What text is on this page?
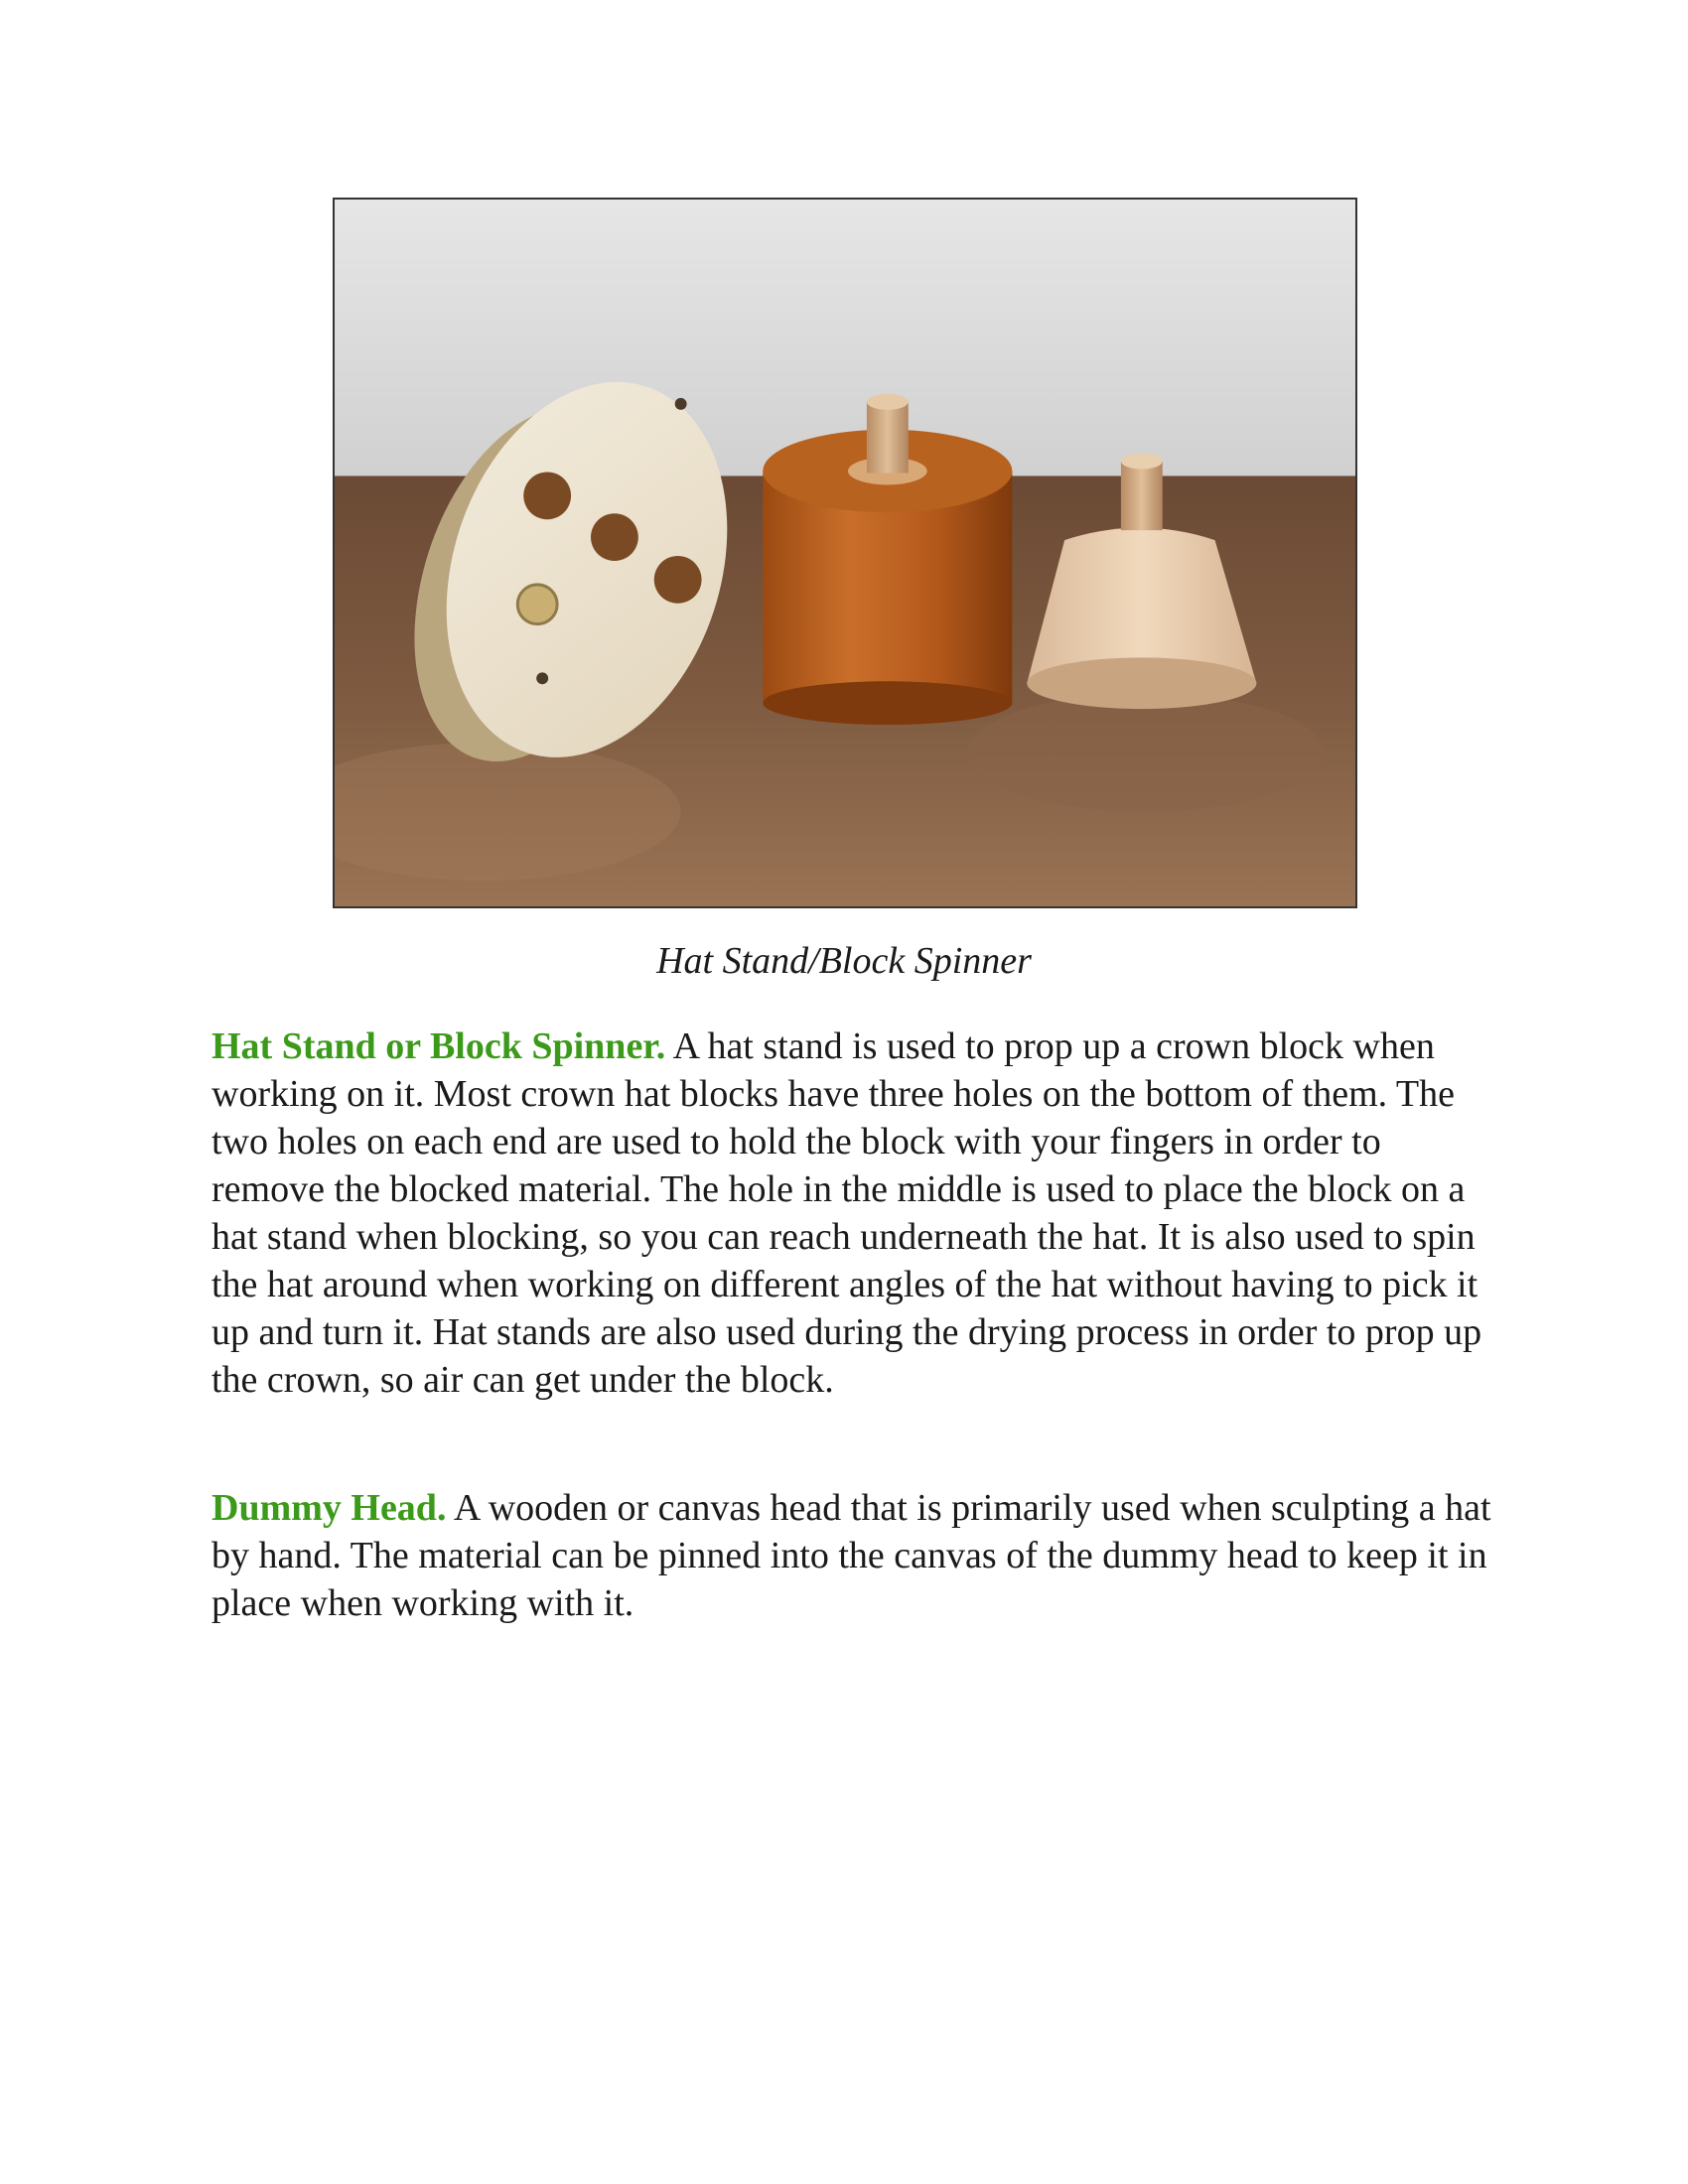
Hat Stand/Block Spinner

Hat Stand or Block Spinner. A hat stand is used to prop up a crown block when working on it. Most crown hat blocks have three holes on the bottom of them. The two holes on each end are used to hold the block with your fingers in order to remove the blocked material. The hole in the middle is used to place the block on a hat stand when blocking, so you can reach underneath the hat. It is also used to spin the hat around when working on different angles of the hat without having to pick it up and turn it. Hat stands are also used during the drying process in order to prop up the crown, so air can get under the block.

Dummy Head. A wooden or canvas head that is primarily used when sculpting a hat by hand. The material can be pinned into the canvas of the dummy head to keep it in place when working with it.
